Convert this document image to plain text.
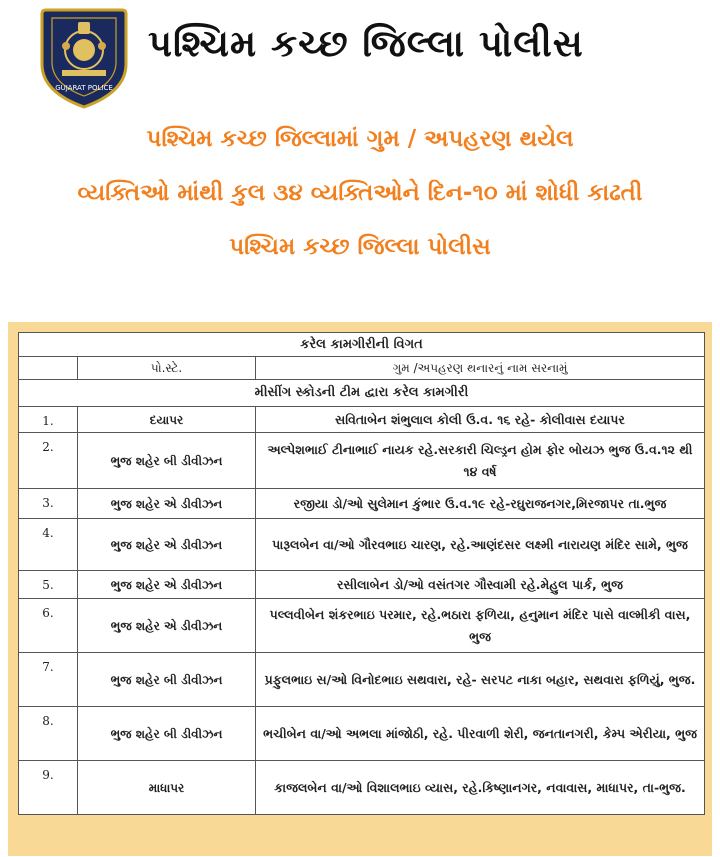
GUJARAT POLICE
પશ્ચિમ કચ્છ જિલ્લા પોલીસ
પશ્ચિમ કચ્છ જિલ્લામાં ગુમ / અપહરણ થયેલ
વ્યક્તિઓ માંથી કુલ ૩૪ વ્યક્તિઓને દિન-૧૦ માં શોધી કાઢતી
પશ્ચિમ કચ્છ જિલ્લા પોલીસ
કરેલ કામગીરીની વિગત		
	પો.સ્ટે.	ગુમ /અપહરણ થનારનું નામ સરનામું
મીસીંગ સ્કોડની ટીમ દ્વારા કરેલ કામગીરી		
1.	દયાપર	સવિતાબેન શંભુલાલ કોલી ઉ.વ. ૧૬ રહે- કોલીવાસ દયાપર
2.	ભુજ શહેર બી ડીવીઝન	અલ્પેશભાઈ ટીનાભાઈ નાયક રહે.સરકારી ચિલ્ડ્રન હોમ ફોર બોયઝ ભુજ ઉ.વ.૧૨ થી ૧૪ વર્ષ
3.	ભુજ શહેર એ ડીવીઝન	રજીયા ડો/ઓ સુલેમાન કુંભાર ઉ.વ.૧૯ રહે-રઘુરાજનગર,મિરજાપર તા.ભુજ
4.	ભુજ શહેર એ ડીવીઝન	પારૂલબેન વા/ઓ ગૌરવભાઇ ચારણ, રહે.આણંદસર લક્ષ્મી નારાયણ મંદિર સામે, ભુજ
5.	ભુજ શહેર એ ડીવીઝન	રસીલાબેન ડો/ઓ વસંતગર ગૌસ્વામી રહે.મેહુલ પાર્ક, ભુજ
6.	ભુજ શહેર એ ડીવીઝન	પલ્લવીબેન શંકરભાઇ પરમાર, રહે.ભઠારા ફળિયા, હનુમાન મંદિર પાસે વાલ્મીકી વાસ, ભુજ
7.	ભુજ શહેર બી ડીવીઝન	પ્રફુલભાઇ સ/ઓ વિનોદભાઇ સથવારા, રહે- સરપટ નાકા બહાર, સથવારા ફળિયું, ભુજ.
8.	ભુજ શહેર બી ડીવીઝન	ભચીબેન વા/ઓ અભલા માંજોઠી, રહે. પીરવાળી શેરી, જનતાનગરી, કેમ્પ એરીયા, ભુજ
9.	માધાપર	કાજલબેન વા/ઓ વિશાલભાઇ વ્યાસ, રહે.કિષ્ણાનગર, નવાવાસ, માધાપર, તા-ભુજ.
